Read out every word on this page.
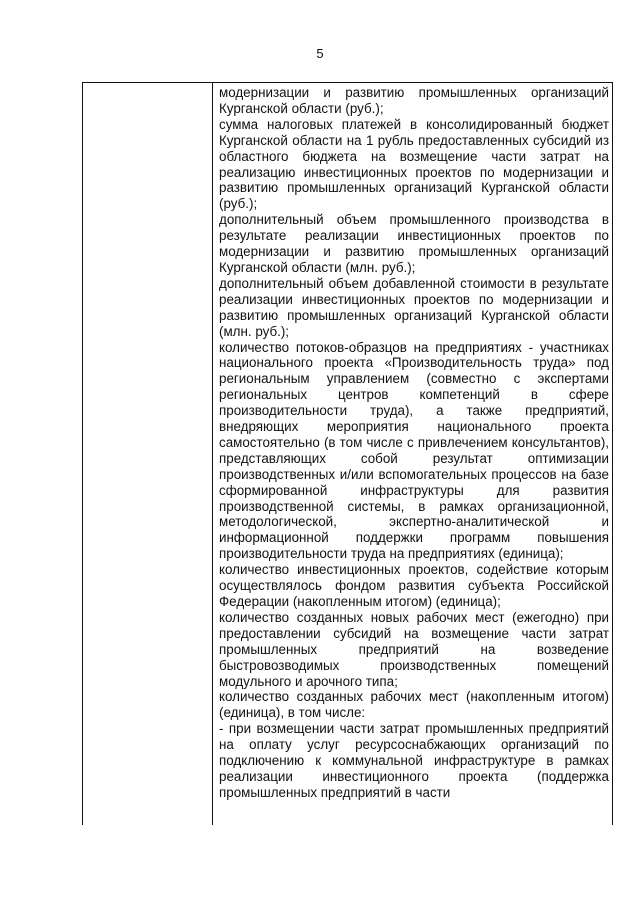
5

модернизации и развитию промышленных организаций Курганской области (руб.);

сумма налоговых платежей в консолидированный бюджет Курганской области на 1 рубль предоставленных субсидий из областного бюджета на возмещение части затрат на реализацию инвестиционных проектов по модернизации и развитию промышленных организаций Курганской области (руб.);

дополнительный объем промышленного производства в результате реализации инвестиционных проектов по модернизации и развитию промышленных организаций Курганской области (млн. руб.);

дополнительный объем добавленной стоимости в результате реализации инвестиционных проектов по модернизации и развитию промышленных организаций Курганской области (млн. руб.);

количество потоков-образцов на предприятиях - участниках национального проекта «Производительность труда» под региональным управлением (совместно с экспертами региональных центров компетенций в сфере производительности труда), а также предприятий, внедряющих мероприятия национального проекта самостоятельно (в том числе с привлечением консультантов), представляющих собой результат оптимизации производственных и/или вспомогательных процессов на базе сформированной инфраструктуры для развития производственной системы, в рамках организационной, методологической, экспертно-аналитической и информационной поддержки программ повышения производительности труда на предприятиях (единица);

количество инвестиционных проектов, содействие которым осуществлялось фондом развития субъекта Российской Федерации (накопленным итогом) (единица);

количество созданных новых рабочих мест (ежегодно) при предоставлении субсидий на возмещение части затрат промышленных предприятий на возведение быстровозводимых производственных помещений модульного и арочного типа;

количество созданных рабочих мест (накопленным итогом) (единица), в том числе:

- при возмещении части затрат промышленных предприятий на оплату услуг ресурсоснабжающих организаций по подключению к коммунальной инфраструктуре в рамках реализации инвестиционного проекта (поддержка промышленных предприятий в части
